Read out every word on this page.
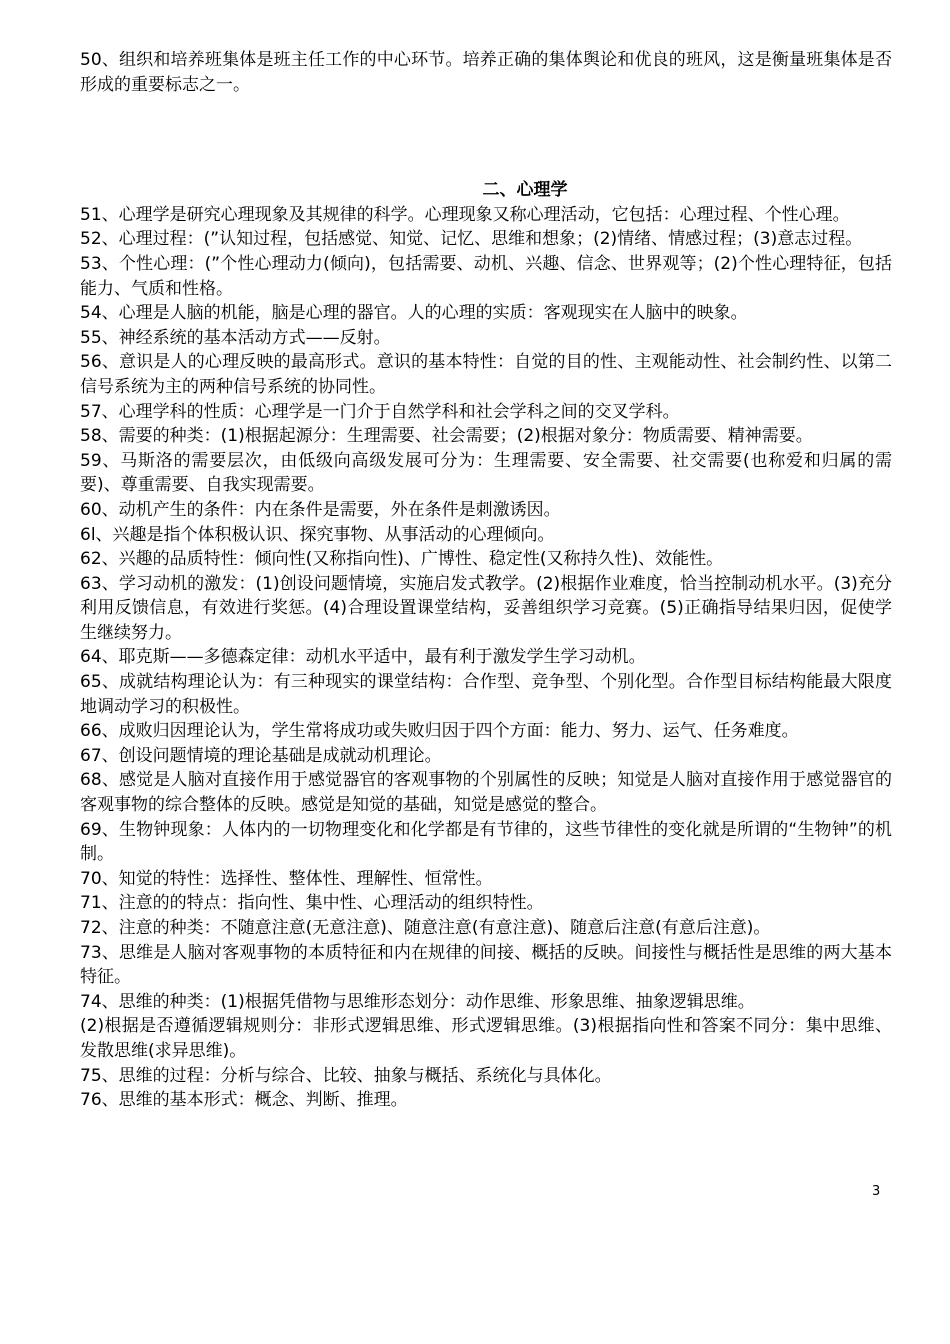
50、组织和培养班集体是班主任工作的中心环节。培养正确的集体舆论和优良的班风，这是衡量班集体是否形成的重要标志之一。

二、心理学

51、心理学是研究心理现象及其规律的科学。心理现象又称心理活动，它包括：心理过程、个性心理。

52、心理过程：(”认知过程，包括感觉、知觉、记忆、思维和想象；(2)情绪、情感过程；(3)意志过程。

53、个性心理：(”个性心理动力(倾向)，包括需要、动机、兴趣、信念、世界观等；(2)个性心理特征，包括能力、气质和性格。

54、心理是人脑的机能，脑是心理的器官。人的心理的实质：客观现实在人脑中的映象。

55、神经系统的基本活动方式——反射。

56、意识是人的心理反映的最高形式。意识的基本特性：自觉的目的性、主观能动性、社会制约性、以第二信号系统为主的两种信号系统的协同性。

57、心理学科的性质：心理学是一门介于自然学科和社会学科之间的交叉学科。

58、需要的种类：(1)根据起源分：生理需要、社会需要；(2)根据对象分：物质需要、精神需要。

59、马斯洛的需要层次，由低级向高级发展可分为：生理需要、安全需要、社交需要(也称爱和归属的需要)、尊重需要、自我实现需要。

60、动机产生的条件：内在条件是需要，外在条件是刺激诱因。

6l、兴趣是指个体积极认识、探究事物、从事活动的心理倾向。

62、兴趣的品质特性：倾向性(又称指向性)、广博性、稳定性(又称持久性)、效能性。

63、学习动机的激发：(1)创设问题情境，实施启发式教学。(2)根据作业难度，恰当控制动机水平。(3)充分利用反馈信息，有效进行奖惩。(4)合理设置课堂结构，妥善组织学习竞赛。(5)正确指导结果归因，促使学生继续努力。

64、耶克斯——多德森定律：动机水平适中，最有利于激发学生学习动机。

65、成就结构理论认为：有三种现实的课堂结构：合作型、竞争型、个别化型。合作型目标结构能最大限度地调动学习的积极性。

66、成败归因理论认为，学生常将成功或失败归因于四个方面：能力、努力、运气、任务难度。

67、创设问题情境的理论基础是成就动机理论。

68、感觉是人脑对直接作用于感觉器官的客观事物的个别属性的反映；知觉是人脑对直接作用于感觉器官的客观事物的综合整体的反映。感觉是知觉的基础，知觉是感觉的整合。

69、生物钟现象：人体内的一切物理变化和化学都是有节律的，这些节律性的变化就是所谓的“生物钟”的机制。

70、知觉的特性：选择性、整体性、理解性、恒常性。

71、注意的的特点：指向性、集中性、心理活动的组织特性。

72、注意的种类：不随意注意(无意注意)、随意注意(有意注意)、随意后注意(有意后注意)。

73、思维是人脑对客观事物的本质特征和内在规律的间接、概括的反映。间接性与概括性是思维的两大基本特征。

74、思维的种类：(1)根据凭借物与思维形态划分：动作思维、形象思维、抽象逻辑思维。

(2)根据是否遵循逻辑规则分：非形式逻辑思维、形式逻辑思维。(3)根据指向性和答案不同分：集中思维、发散思维(求异思维)。

75、思维的过程：分析与综合、比较、抽象与概括、系统化与具体化。

76、思维的基本形式：概念、判断、推理。

3
